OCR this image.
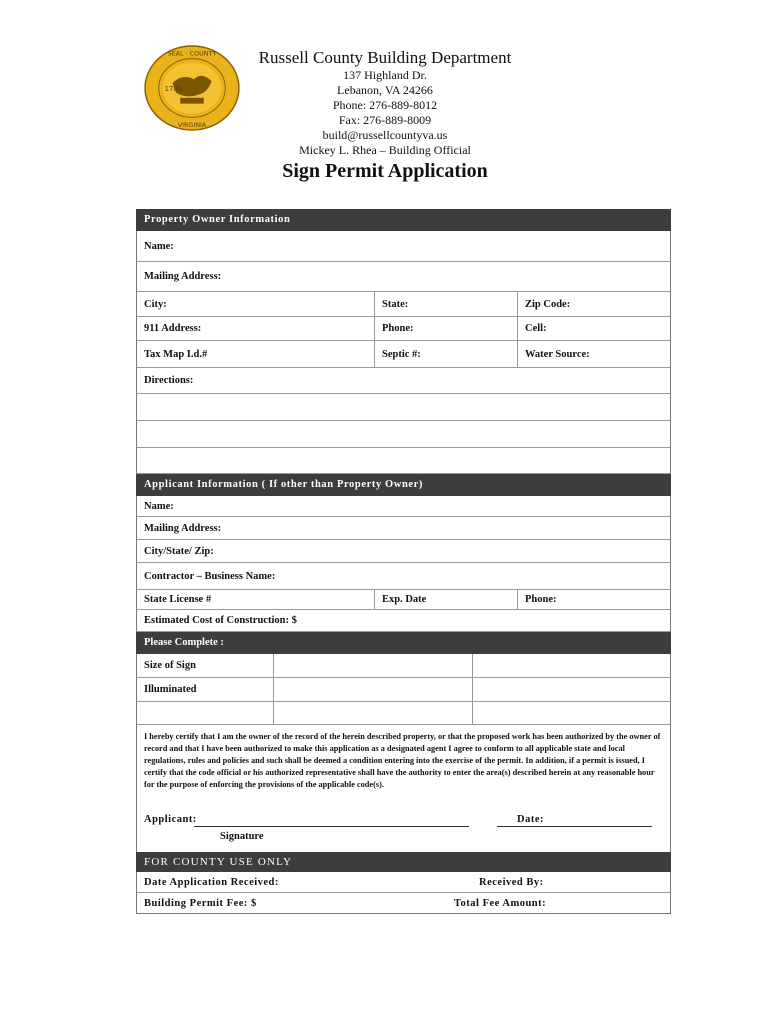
1786
SEAL · COUNTY
VIRGINIA
Russell County Building Department
137 Highland Dr.
Lebanon, VA 24266
Phone: 276-889-8012
Fax: 276-889-8009
build@russellcountyva.us
Mickey L. Rhea – Building Official
Sign Permit Application
Property Owner Information
Name:
Mailing Address:
City:	State:	Zip Code:
911 Address:	Phone:	Cell:
Tax Map I.d.#	Septic #:	Water Source:
Directions:
Applicant Information ( If other than Property Owner)
Name:
Mailing Address:
City/State/ Zip:
Contractor – Business Name:
State License #	Exp. Date	Phone:
Estimated Cost of Construction: $
Please Complete :
Size of Sign
Illuminated
I hereby certify that I am the owner of the record of the herein described property, or that the proposed work has been authorized by the owner of record and that I have been authorized to make this application as a designated agent I agree to conform to all applicable state and local regulations, rules and policies and such shall be deemed a condition entering into the exercise of the permit. In addition, if a permit is issued, I certify that the code official or his authorized representative shall have the authority to enter the area(s) described herein at any reasonable hour for the purpose of enforcing the provisions of the applicable code(s).
Applicant:	Date:
Signature
FOR COUNTY USE ONLY
Date Application Received:	Received By:
Building Permit Fee: $	Total Fee Amount:
